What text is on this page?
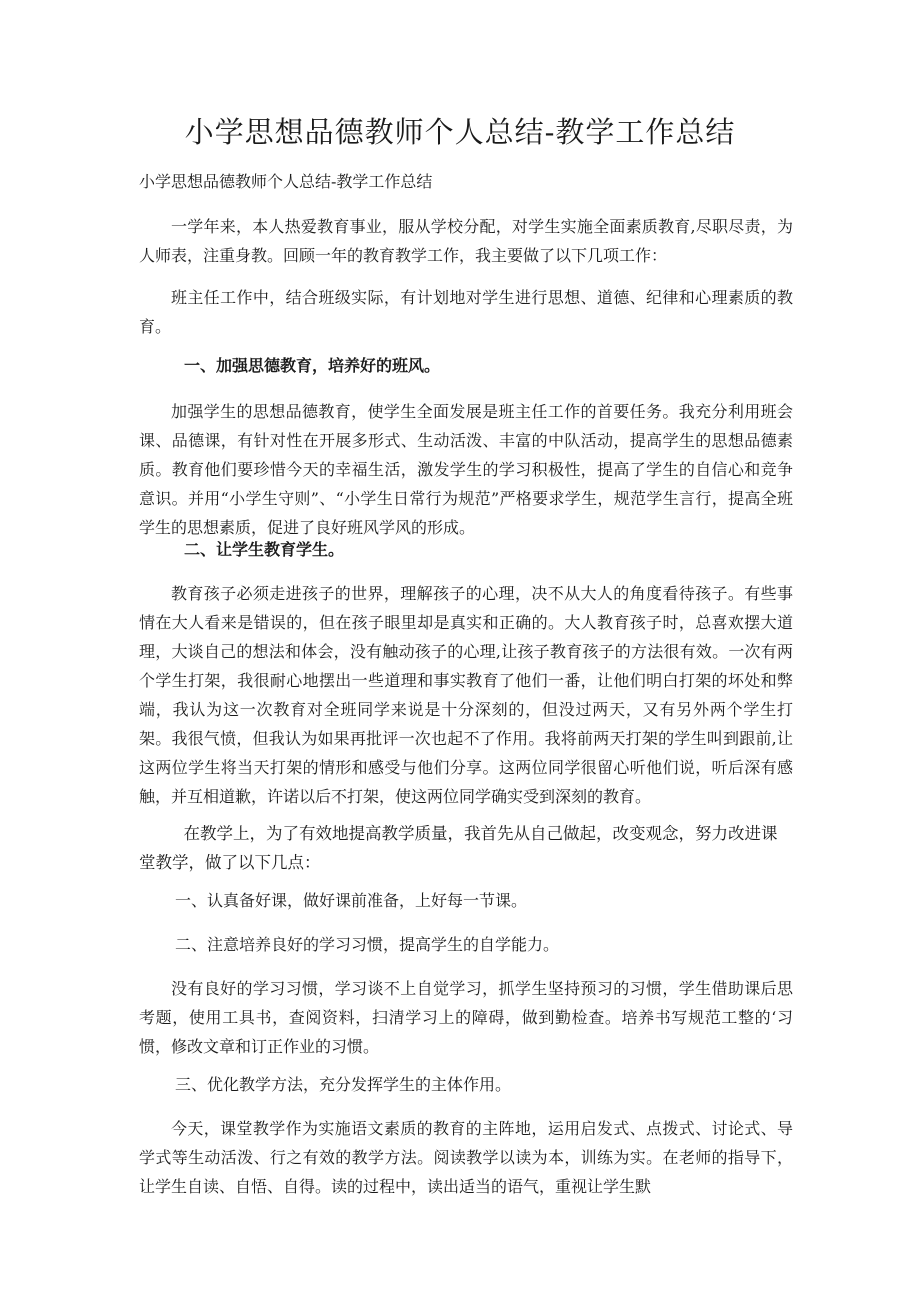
小学思想品德教师个人总结-教学工作总结
小学思想品德教师个人总结-教学工作总结
一学年来，本人热爱教育事业，服从学校分配，对学生实施全面素质教育,尽职尽责，为人师表，注重身教。回顾一年的教育教学工作，我主要做了以下几项工作：
班主任工作中，结合班级实际，有计划地对学生进行思想、道德、纪律和心理素质的教育。
一、加强思德教育，培养好的班风。
加强学生的思想品德教育，使学生全面发展是班主任工作的首要任务。我充分利用班会课、品德课，有针对性在开展多形式、生动活泼、丰富的中队活动，提高学生的思想品德素质。教育他们要珍惜今天的幸福生活，激发学生的学习积极性，提高了学生的自信心和竞争意识。并用“小学生守则”、“小学生日常行为规范”严格要求学生，规范学生言行，提高全班学生的思想素质，促进了良好班风学风的形成。
二、让学生教育学生。
教育孩子必须走进孩子的世界，理解孩子的心理，决不从大人的角度看待孩子。有些事情在大人看来是错误的，但在孩子眼里却是真实和正确的。大人教育孩子时，总喜欢摆大道理，大谈自己的想法和体会，没有触动孩子的心理,让孩子教育孩子的方法很有效。一次有两个学生打架，我很耐心地摆出一些道理和事实教育了他们一番，让他们明白打架的坏处和弊端，我认为这一次教育对全班同学来说是十分深刻的，但没过两天，又有另外两个学生打架。我很气愤，但我认为如果再批评一次也起不了作用。我将前两天打架的学生叫到跟前,让这两位学生将当天打架的情形和感受与他们分享。这两位同学很留心听他们说，听后深有感触，并互相道歉，许诺以后不打架，使这两位同学确实受到深刻的教育。
在教学上，为了有效地提高教学质量，我首先从自己做起，改变观念，努力改进课堂教学，做了以下几点：
一、认真备好课，做好课前准备，上好每一节课。
二、注意培养良好的学习习惯，提高学生的自学能力。
没有良好的学习习惯，学习谈不上自觉学习，抓学生坚持预习的习惯，学生借助课后思考题，使用工具书，查阅资料，扫清学习上的障碍，做到勤检查。培养书写规范工整的‘习惯，修改文章和订正作业的习惯。
三、优化教学方法，充分发挥学生的主体作用。
今天，课堂教学作为实施语文素质的教育的主阵地，运用启发式、点拨式、讨论式、导学式等生动活泼、行之有效的教学方法。阅读教学以读为本，训练为实。在老师的指导下，让学生自读、自悟、自得。读的过程中，读出适当的语气，重视让学生默
